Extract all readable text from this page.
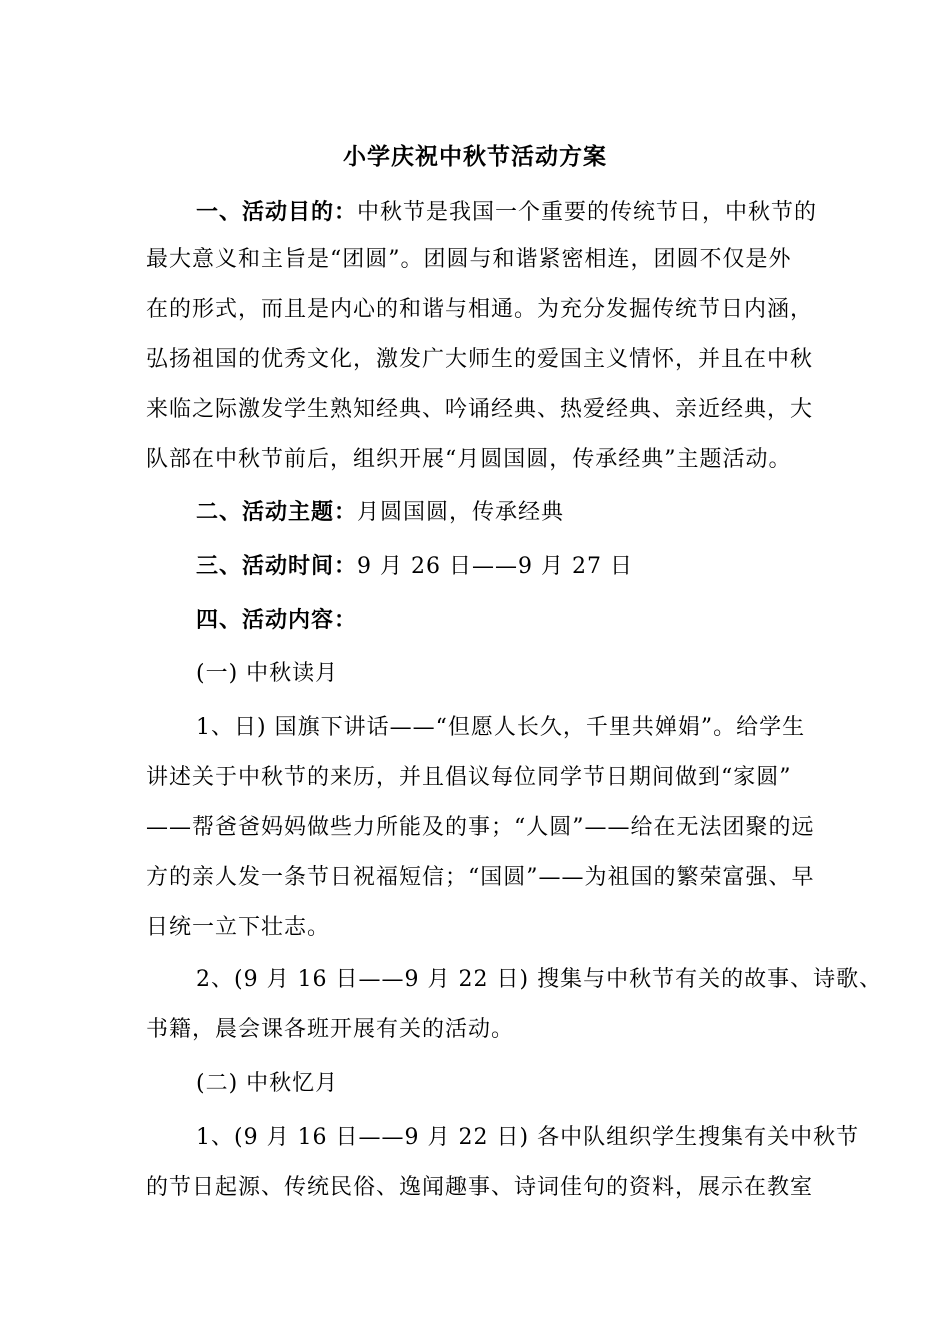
小学庆祝中秋节活动方案
一、活动目的：中秋节是我国一个重要的传统节日，中秋节的
最大意义和主旨是“团圆”。团圆与和谐紧密相连，团圆不仅是外
在的形式，而且是内心的和谐与相通。为充分发掘传统节日内涵，
弘扬祖国的优秀文化，激发广大师生的爱国主义情怀，并且在中秋
来临之际激发学生熟知经典、吟诵经典、热爱经典、亲近经典，大
队部在中秋节前后，组织开展“月圆国圆，传承经典”主题活动。
二、活动主题：月圆国圆，传承经典
三、活动时间：9 月 26 日——9 月 27 日
四、活动内容：
(一) 中秋读月
1、日) 国旗下讲话——“但愿人长久，千里共婵娟”。给学生
讲述关于中秋节的来历，并且倡议每位同学节日期间做到“家圆”
——帮爸爸妈妈做些力所能及的事；“人圆”——给在无法团聚的远
方的亲人发一条节日祝福短信；“国圆”——为祖国的繁荣富强、早
日统一立下壮志。
2、(9 月 16 日——9 月 22 日) 搜集与中秋节有关的故事、诗歌、
书籍，晨会课各班开展有关的活动。
(二) 中秋忆月
1、(9 月 16 日——9 月 22 日) 各中队组织学生搜集有关中秋节
的节日起源、传统民俗、逸闻趣事、诗词佳句的资料，展示在教室
